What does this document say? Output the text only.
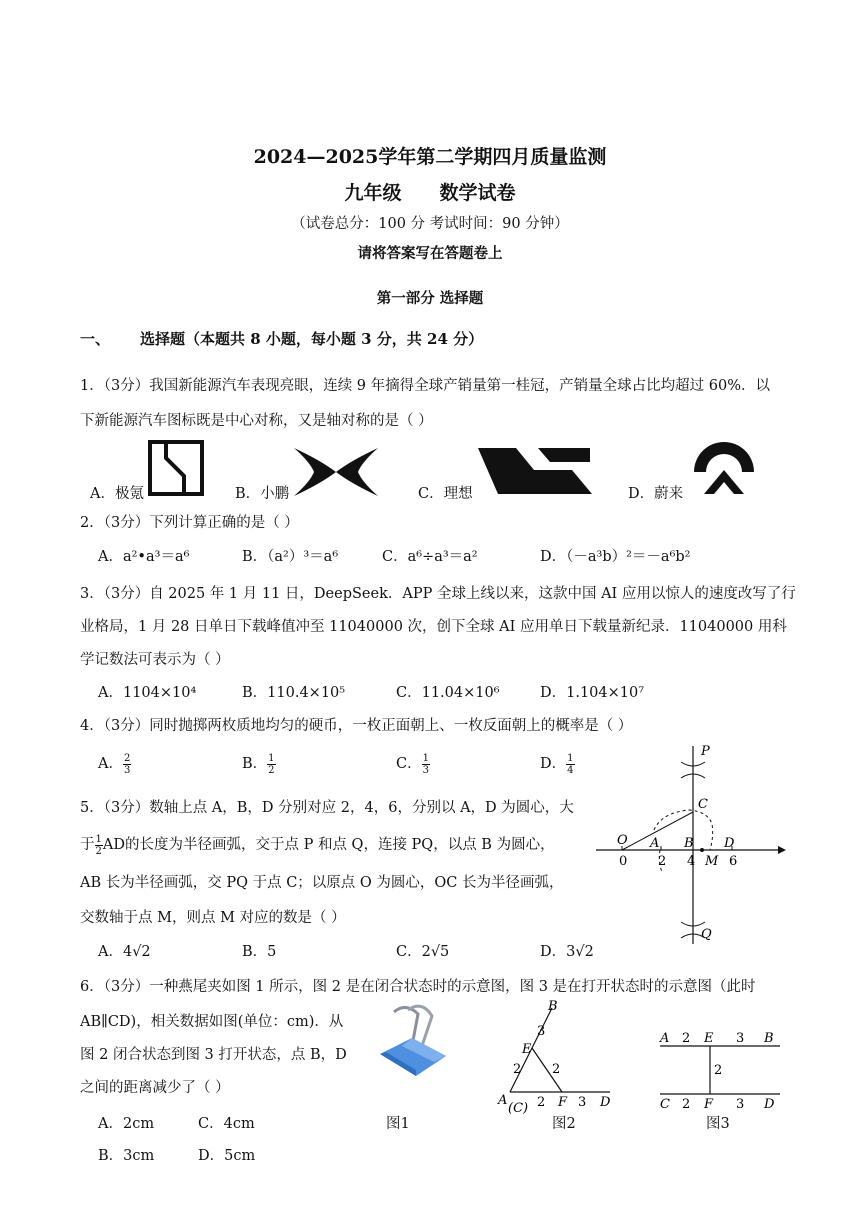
2024—2025学年第二学期四月质量监测
九年级   数学试卷
（试卷总分：100 分 考试时间：90 分钟）
请将答案写在答题卷上
第一部分 选择题
一、   选择题（本题共 8 小题，每小题 3 分，共 24 分）
1．（3分）我国新能源汽车表现亮眼，连续 9 年摘得全球产销量第一桂冠，产销量全球占比均超过 60%．以
下新能源汽车图标既是中心对称，又是轴对称的是（ ）
A．极氪	B．小鹏	C．理想	D．蔚来
2．（3分）下列计算正确的是（ ）
A．a²•a³＝a⁶	B．（a²）³＝a⁶	C．a⁶÷a³＝a²	D．（－a³b）²＝－a⁶b²
3．（3分）自 2025 年 1 月 11 日，DeepSeek．APP 全球上线以来，这款中国 AI 应用以惊人的速度改写了行
业格局，1 月 28 日单日下载峰值冲至 11040000 次，创下全球 AI 应用单日下载量新纪录．11040000 用科
学记数法可表示为（ ）
A．1104×10⁴	B．110.4×10⁵	C．11.04×10⁶	D．1.104×10⁷
4．（3分）同时抛掷两枚质地均匀的硬币，一枚正面朝上、一枚反面朝上的概率是（ ）
A． $\frac{2}{3}$	B． $\frac{1}{2}$	C． $\frac{1}{3}$	D． $\frac{1}{4}$
5．（3分）数轴上点 A，B，D 分别对应 2，4，6，分别以 A，D 为圆心，大
于 $\frac{1}{2}$ AD的长度为半径画弧，交于点 P 和点 Q，连接 PQ，以点 B 为圆心，
AB 长为半径画弧，交 PQ 于点 C；以原点 O 为圆心，OC 长为半径画弧，
交数轴于点 M，则点 M 对应的数是（ ）
A．4√2	B．5	C．2√5	D．3√2
P
Q
C
O A B D
M
0 2 4	6
6．（3分）一种燕尾夹如图 1 所示，图 2 是在闭合状态时的示意图，图 3 是在打开状态时的示意图（此时
AB∥CD)，相关数据如图(单位：cm)．从
图 2 闭合状态到图 3 打开状态，点 B，D
之间的距离减少了（ ）
A．2cm	C．4cm
B．3cm	D．5cm
图1
B
E
A
(C) F	D
3
2 2
2	3
图2
A 2 E 3 B
2
C 2 F 3 D
图3
